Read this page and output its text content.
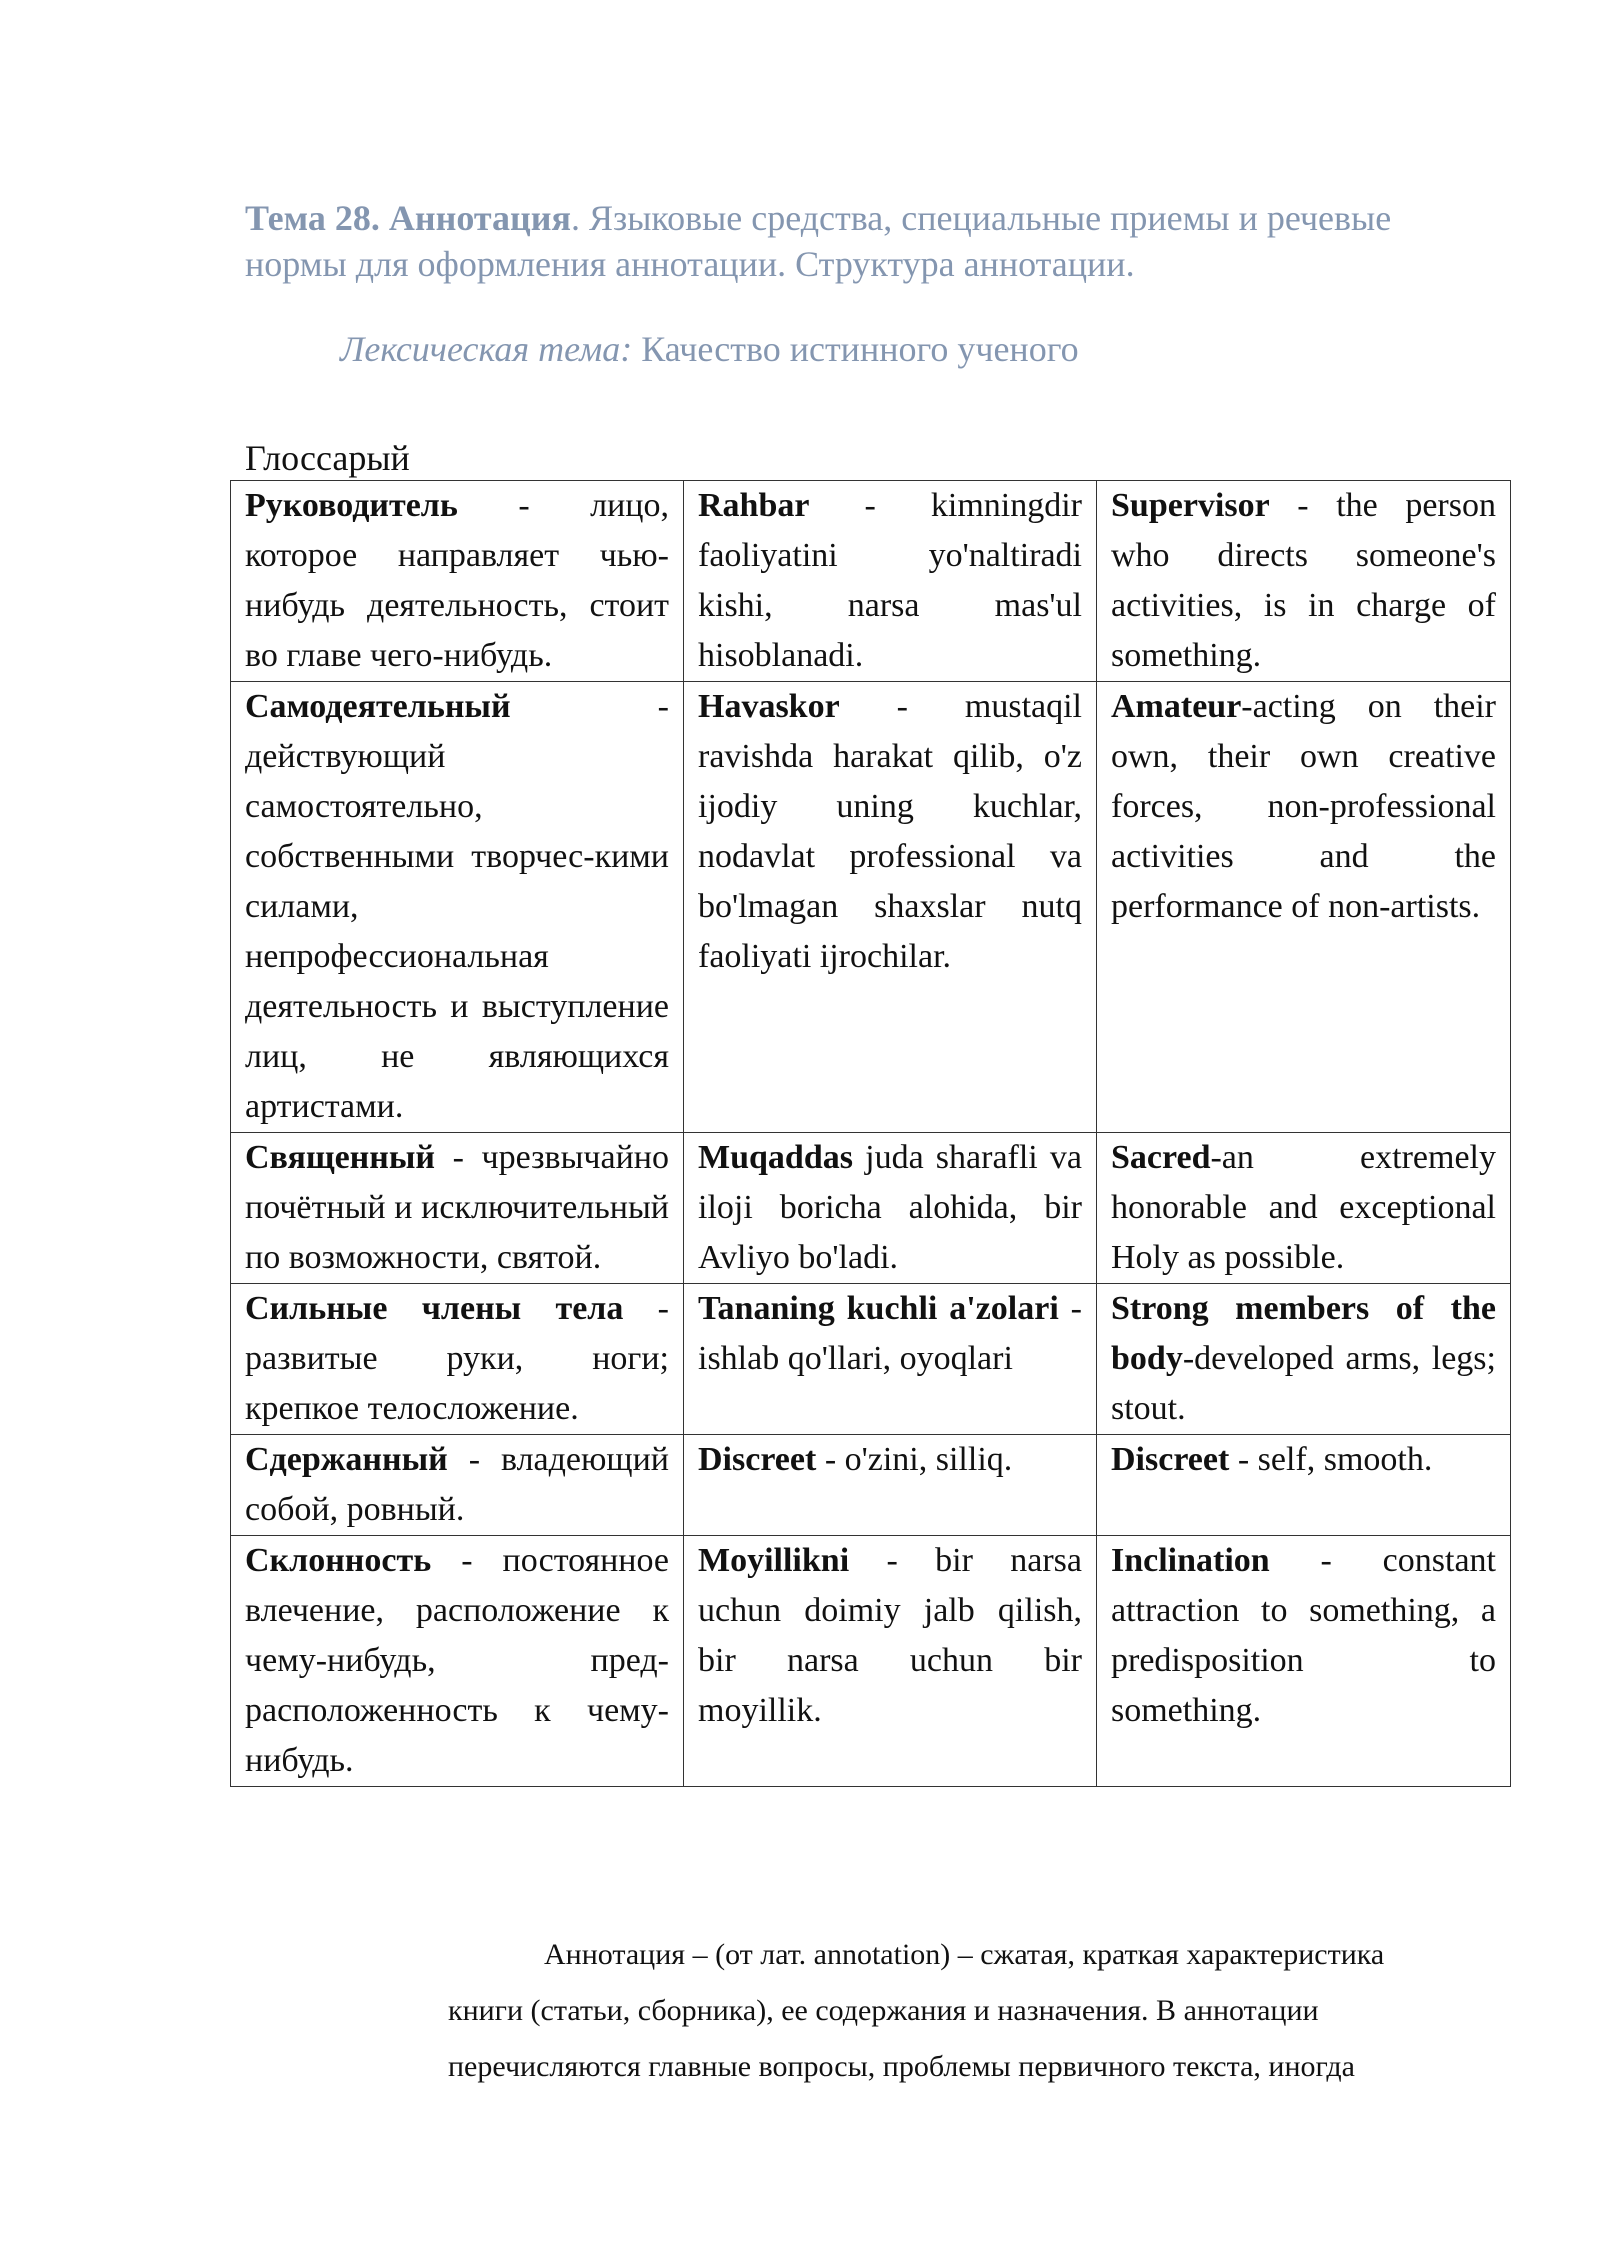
Тема 28. Аннотация. Языковые средства, специальные приемы и речевые нормы для оформления аннотации. Структура аннотации.
Лексическая тема: Качество истинного ученого
Глоссарый
Руководитель - лицо, которое направляет чью-нибудь деятельность, стоит во главе чего-нибудь.	Rahbar - kimningdir faoliyatini yo'naltiradi kishi, narsa mas'ul hisoblanadi.	Supervisor - the person who directs someone's activities, is in charge of something.
Самодеятельный - действующий самостоятельно, собственными творчес-кими силами, непрофессиональная деятельность и выступление лиц, не являющихся артистами.	Havaskor - mustaqil ravishda harakat qilib, o'z ijodiy uning kuchlar, nodavlat professional va bo'lmagan shaxslar nutq faoliyati ijrochilar.	Amateur-acting on their own, their own creative forces, non-professional activities and the performance of non-artists.
Священный - чрезвычайно почётный и исключительный по возможности, святой.	Muqaddas juda sharafli va iloji boricha alohida, bir Avliyo bo'ladi.	Sacred-an extremely honorable and exceptional Holy as possible.
Сильные члены тела - развитые руки, ноги; крепкое телосложение.	Tananing kuchli a'zolari - ishlab qo'llari, oyoqlari	Strong members of the body-developed arms, legs; stout.
Сдержанный - владеющий собой, ровный.	Discreet - o'zini, silliq.	Discreet - self, smooth.
Склонность - постоянное влечение, расположение к чему-нибудь, пред-расположенность к чему-нибудь.	Moyillikni - bir narsa uchun doimiy jalb qilish, bir narsa uchun bir moyillik.	Inclination - constant attraction to something, a predisposition to something.
Аннотация – (от лат. annotation) – сжатая, краткая характеристика
книги (статьи, сборника), ее содержания и назначения. В аннотации
перечисляются главные вопросы, проблемы первичного текста, иногда
